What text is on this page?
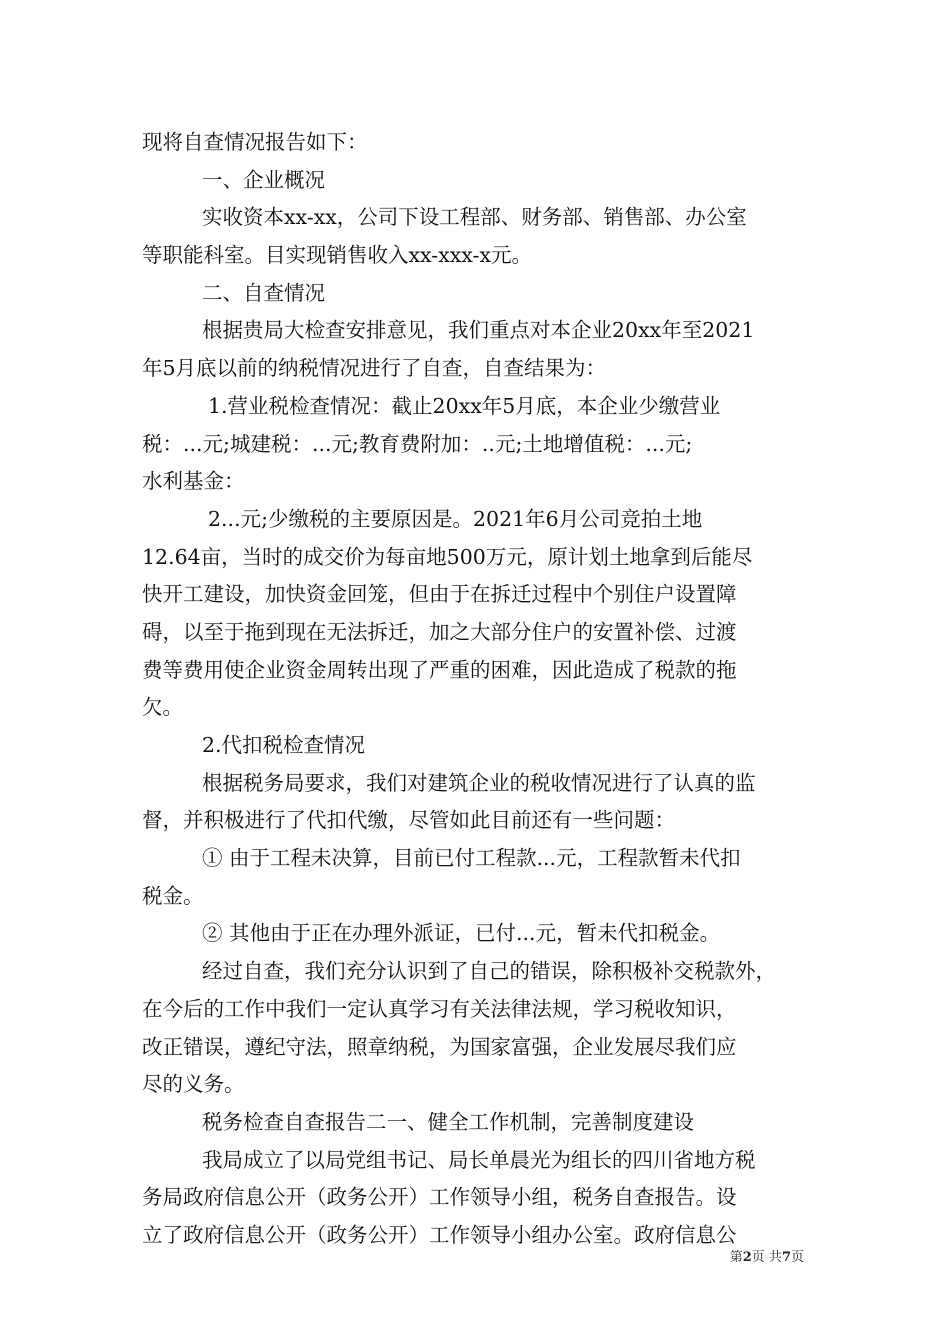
现将自查情况报告如下：
一、企业概况
实收资本xx-xx，公司下设工程部、财务部、销售部、办公室
等职能科室。目实现销售收入xx-xxx-x元。
二、自查情况
根据贵局大检查安排意见，我们重点对本企业20xx年至2021
年5月底以前的纳税情况进行了自查，自查结果为：
1.营业税检查情况：截止20xx年5月底，本企业少缴营业
税：...元;城建税：...元;教育费附加：..元;土地增值税：...元;
水利基金：
2...元;少缴税的主要原因是。2021年6月公司竞拍土地
12.64亩，当时的成交价为每亩地500万元，原计划土地拿到后能尽
快开工建设，加快资金回笼，但由于在拆迁过程中个别住户设置障
碍，以至于拖到现在无法拆迁，加之大部分住户的安置补偿、过渡
费等费用使企业资金周转出现了严重的困难，因此造成了税款的拖
欠。
2.代扣税检查情况
根据税务局要求，我们对建筑企业的税收情况进行了认真的监
督，并积极进行了代扣代缴，尽管如此目前还有一些问题：
① 由于工程未决算，目前已付工程款...元，工程款暂未代扣
税金。
② 其他由于正在办理外派证，已付...元，暂未代扣税金。
经过自查，我们充分认识到了自己的错误，除积极补交税款外，
在今后的工作中我们一定认真学习有关法律法规，学习税收知识，
改正错误，遵纪守法，照章纳税，为国家富强，企业发展尽我们应
尽的义务。
税务检查自查报告二一、健全工作机制，完善制度建设
我局成立了以局党组书记、局长单晨光为组长的四川省地方税
务局政府信息公开（政务公开）工作领导小组，税务自查报告。设
立了政府信息公开（政务公开）工作领导小组办公室。政府信息公
第2页 共7页
